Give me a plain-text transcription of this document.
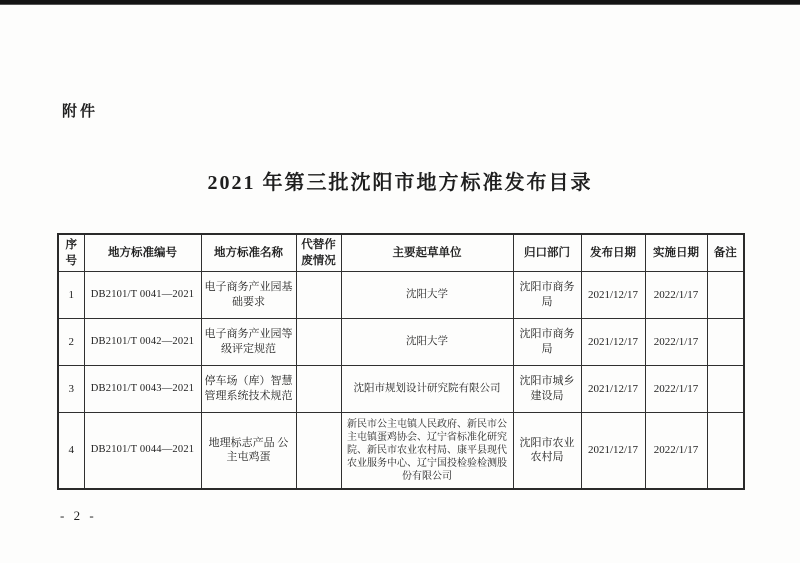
附件
2021 年第三批沈阳市地方标准发布目录
序号	地方标准编号	地方标准名称	代替作废情况	主要起草单位	归口部门	发布日期	实施日期	备注
1	DB2101/T 0041—2021	电子商务产业园基础要求		沈阳大学	沈阳市商务局	2021/12/17	2022/1/17	
2	DB2101/T 0042—2021	电子商务产业园等级评定规范		沈阳大学	沈阳市商务局	2021/12/17	2022/1/17	
3	DB2101/T 0043—2021	停车场（库）智慧管理系统技术规范		沈阳市规划设计研究院有限公司	沈阳市城乡建设局	2021/12/17	2022/1/17	
4	DB2101/T 0044—2021	地理标志产品 公主屯鸡蛋		新民市公主屯镇人民政府、新民市公主屯镇蛋鸡协会、辽宁省标准化研究院、新民市农业农村局、康平县现代农业服务中心、辽宁国投检验检测股份有限公司	沈阳市农业农村局	2021/12/17	2022/1/17	
- 2 -
